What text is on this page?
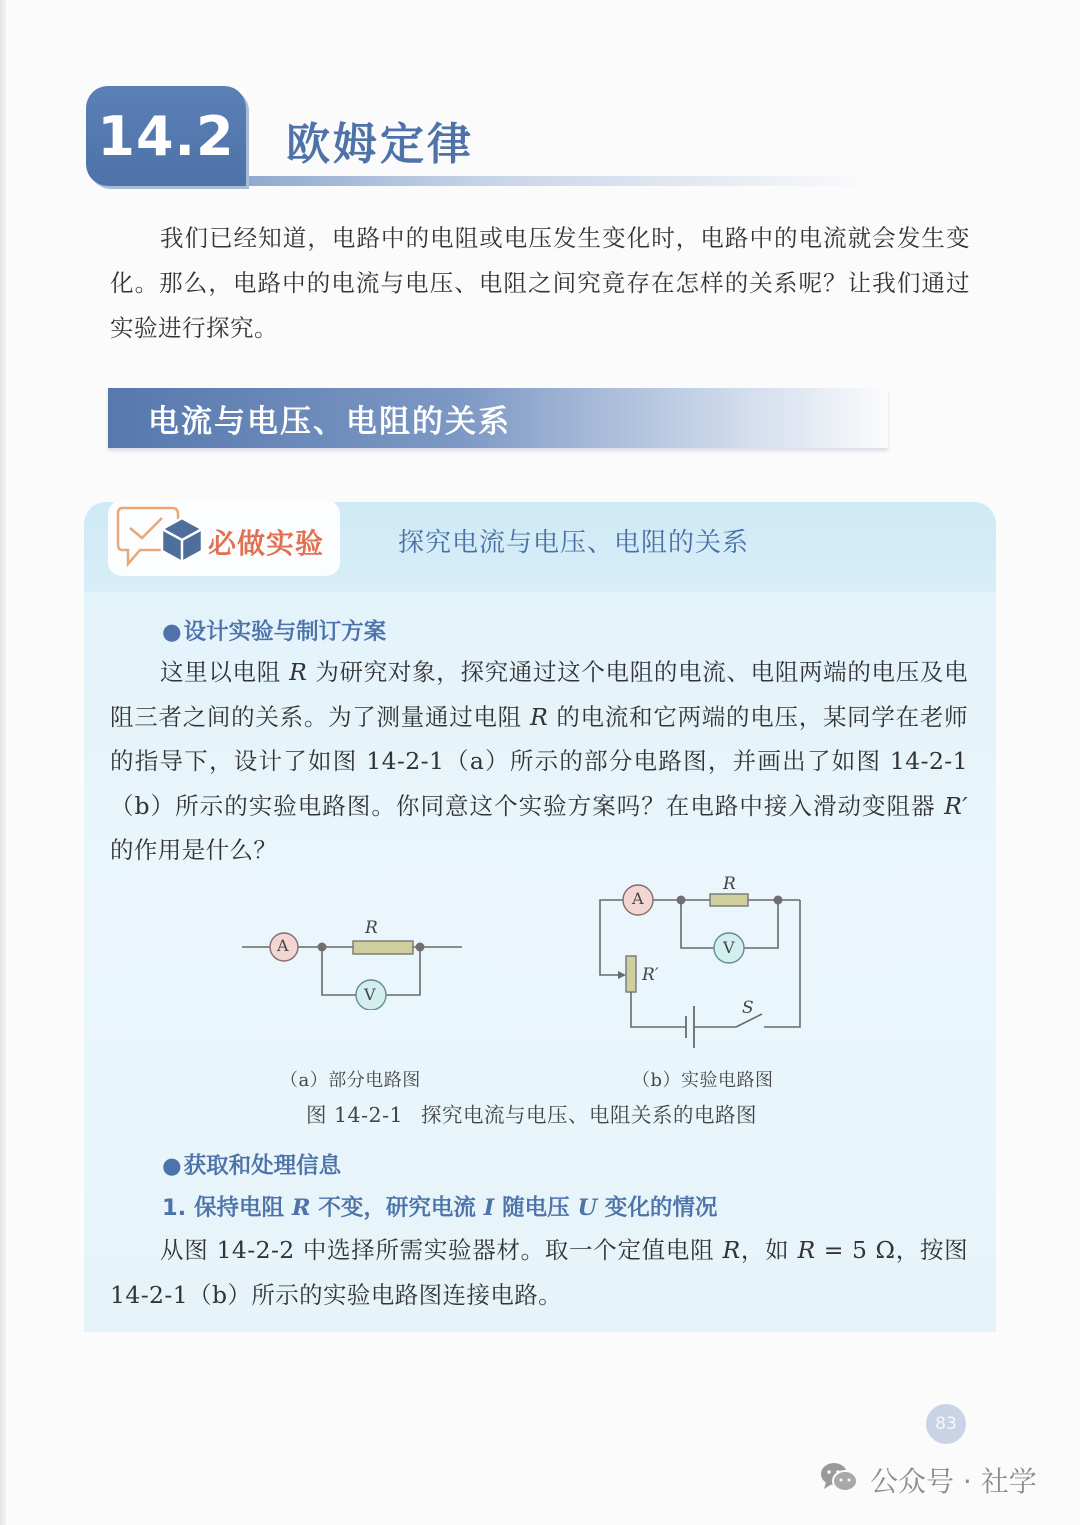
14.2 欧姆定律

我们已经知道，电路中的电阻或电压发生变化时，电路中的电流就会发生变化。那么，电路中的电流与电压、电阻之间究竟存在怎样的关系呢？让我们通过实验进行探究。

电流与电压、电阻的关系
必做实验	探究电流与电压、电阻的关系
●设计实验与制订方案

这里以电阻 R 为研究对象，探究通过这个电阻的电流、电阻两端的电压及电阻三者之间的关系。为了测量通过电阻 R 的电流和它两端的电压，某同学在老师的指导下，设计了如图 14-2-1（a）所示的部分电路图，并画出了如图 14-2-1（b）所示的实验电路图。你同意这个实验方案吗？在电路中接入滑动变阻器 R′ 的作用是什么？

A
V
R
A
V
R
R′
S
（a）部分电路图	（b）实验电路图
图 14-2-1 探究电流与电压、电阻关系的电路图
●获取和处理信息
1. 保持电阻 R 不变，研究电流 I 随电压 U 变化的情况

从图 14-2-2 中选择所需实验器材。取一个定值电阻 R，如 R = 5 Ω，按图 14-2-1（b）所示的实验电路图连接电路。

83
公众号 · 社学
